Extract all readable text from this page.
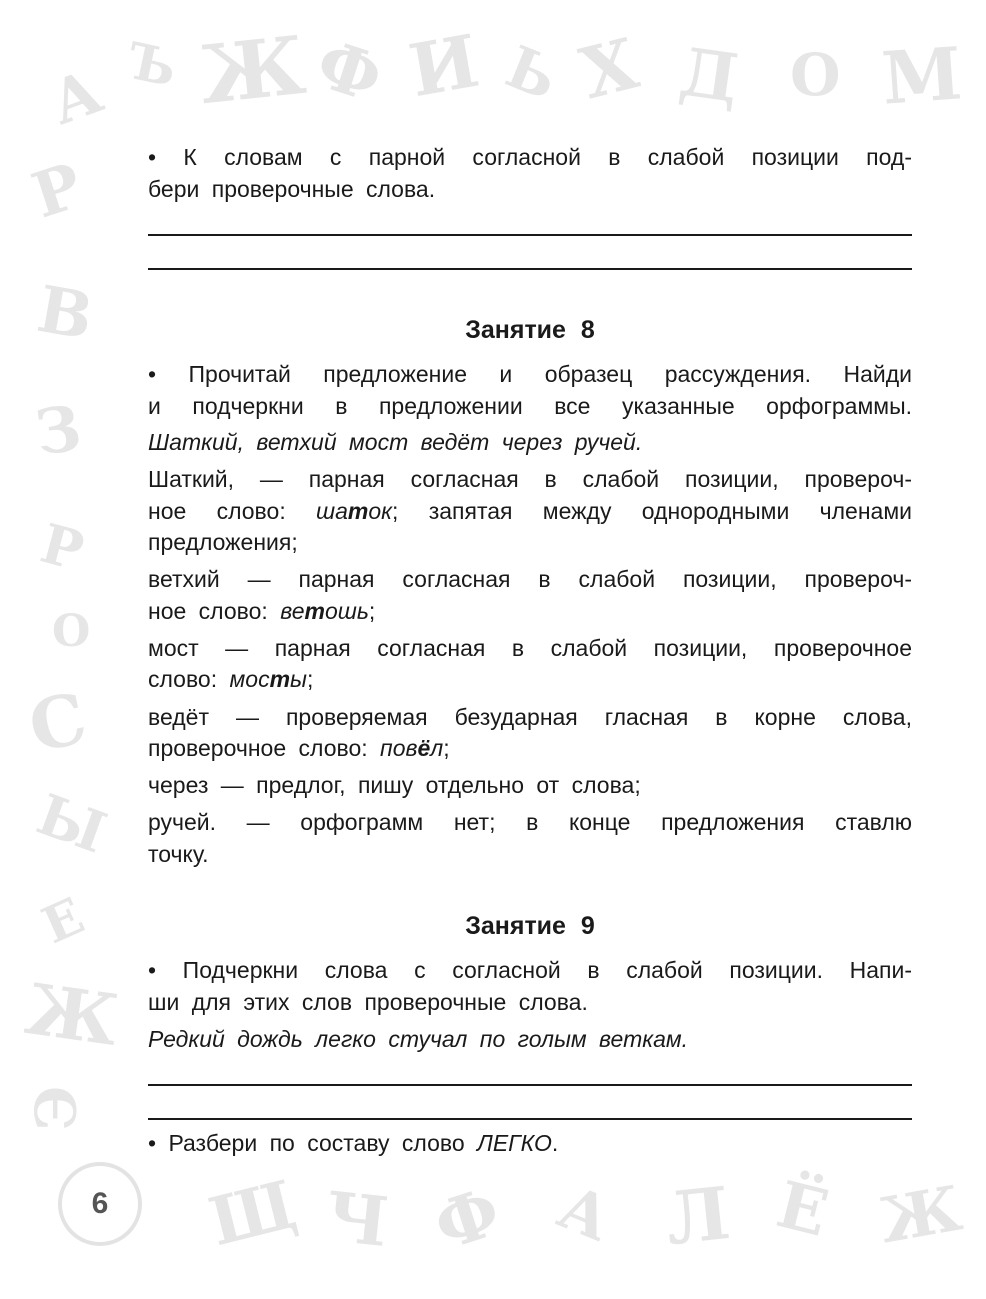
А Ъ Ж
Ф И Ь Х Д О М
Р
В
З
Р
О
С
Ы
Е
Ж
Э
Щ Ч Ф А Л Ё Ж

• К словам с парной согласной в слабой позиции под-

бери проверочные слова.

Занятие 8

• Прочитай предложение и образец рассуждения. Найди

и подчеркни в предложении все указанные орфограммы.

Шаткий, ветхий мост ведёт через ручей.

Шаткий, — парная согласная в слабой позиции, провероч-

ное слово: шаток; запятая между однородными членами

предложения;

ветхий — парная согласная в слабой позиции, провероч-

ное слово: ветошь;

мост — парная согласная в слабой позиции, проверочное

слово: мосты;

ведёт — проверяемая безударная гласная в корне слова,

проверочное слово: повёл;

через — предлог, пишу отдельно от слова;

ручей. — орфограмм нет; в конце предложения ставлю

точку.

Занятие 9

• Подчеркни слова с согласной в слабой позиции. Напи-

ши для этих слов проверочные слова.

Редкий дождь легко стучал по голым веткам.

• Разбери по составу слово ЛЕГКО.

6
